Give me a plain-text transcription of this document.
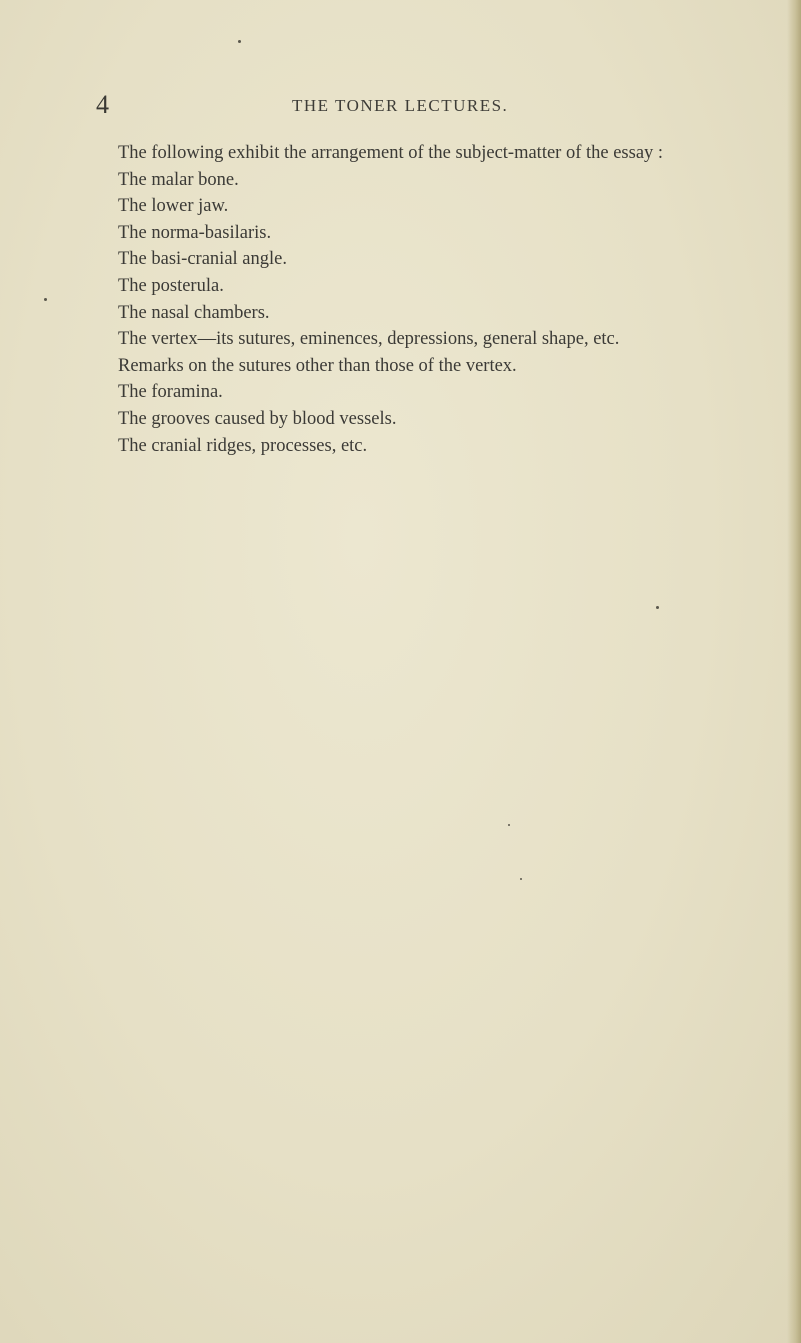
4	THE TONER LECTURES.

The following exhibit the arrangement of the subject-matter of the essay :

The malar bone.

The lower jaw.

The norma-basilaris.

The basi-cranial angle.

The posterula.

The nasal chambers.

The vertex—its sutures, eminences, depressions, general shape, etc.

Remarks on the sutures other than those of the vertex.

The foramina.

The grooves caused by blood vessels.

The cranial ridges, processes, etc.
